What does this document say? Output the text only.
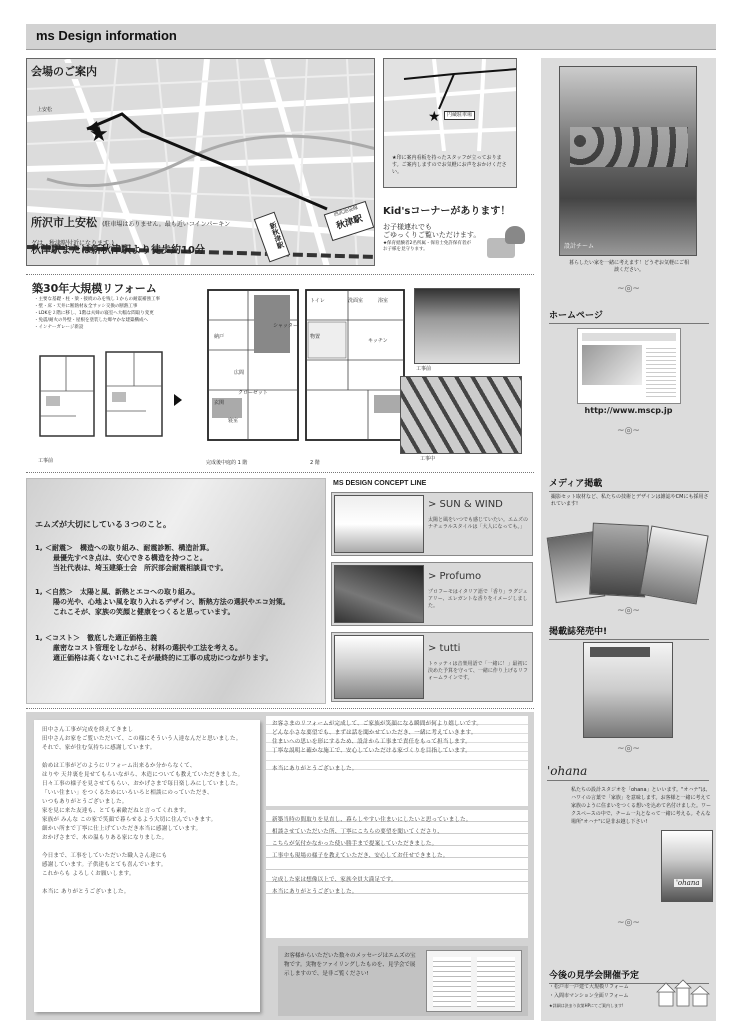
ms Design information
★
会場のご案内
上安松
所沢市上安松 (駐車場はありません。最も近いコインパーキングは、秋津駅付近になります。)
秋津駅または新秋津駅より徒歩約10分
新秋津駅
西武池袋線
秋津駅
★	円蔵駐車場
★印に案内看板を持ったスタッフが立っております。ご案内しますのでお気軽にお声をおかけください。
Kid'sコーナーがあります！
お子様連れでも
ごゆっくりご覧いただけます。
★保育経験者2名所属・保育士免許保有者がお子様を見守ります。
築30年大規模リフォーム
・主要な基礎・柱・梁・接続のみを残し１からの耐震補強工事
・壁・床・天井に断熱材＆全サッシ交換の断熱工事
・LDKを２階に移し、1階は夫婦の寝室へ大幅な間取り変更
・免震/耐火の外壁・屋根を塗装した爆ヤかな建築構成へ
・インナーガレージ新設
工事前
シャッター
トイレ	洗面室	浴室
キッチン
寝室
納戸
広間
クローゼット
玄関
物置
完成後中庭的 1 階	2 階
工事前
工事中
エムズが大切にしている３つのこと。
1, ＜耐震＞　構造への取り組み、耐震診断、構造計算。
最優先すべき点は、安心できる構造を持つこと。
当社代表は、埼玉建築士会　所沢部会耐震相談員です。
1, ＜自然＞　太陽と風、新熱とエコへの取り組み。
陽の光や、心地よい風を取り入れるデザイン、断熱方法の選択やエコ対策。
これこそが、家族の笑顔と健康をつくると思っています。
1, ＜コスト＞　徹底した適正価格主義
厳密なコスト管理をしながら、材料の選択や工法を考える。
適正価格は高くない!これこそが最終的に工事の成功につながります。
MS DESIGN CONCEPT LINE
> SUN & WIND
太陽と風をいつでも感じていたい。エムズのナチュラルスタイルは「大人になっても。」
> Profumo
プロフーモはイタリア語で「香り」ラグジュアリー、エレガントな香りをイメージしました。
> tutti
トゥッティは音楽用語で「一緒に！」最初に決めた予算を守って、一緒に作り上げるリフォームラインです。
田中さん工事が完成を終えてきまし
田中さんお家をご覧いただいて、この様にそういう人達なんだと思いました。
それで、家が住む気持ちに感謝しています。

始めは工事がどのようにリフォーム出来るか分からなくて、
はりや 天井裏を見せてもらいながら、木造についても教えていただきました。
日々工事の様子を見させてもらい、おかげさまで毎日楽しみにしていました。
「いい住まい」をつくるためにいろいろと相談にのっていただき、
いつもありがとうございました。
家を見に来た友達も、とても素敵だねと言ってくれます。
家族が みんな この家で笑顔で暮らせるよう大切に住んでいきます。
細かい所まで丁寧に仕上げていただき本当に感謝しています。
おかげさまで、木の温もりある家になりました。

今日まで、工事をしていただいた職人さん達にも
感謝しています。子供達もとても喜んでいます。
これからも よろしくお願いします。

本当に ありがとうございました。
お客さまのリフォームが完成して、ご家族が笑顔になる瞬間が何より嬉しいです。
どんな小さな要望でも、まずは話を聞かせていただき、一緒に考えていきます。
住まいへの思いを形にするため、設計から工事まで責任をもって担当します。
丁寧な説明と確かな施工で、安心していただける家づくりを目指しています。

本当にありがとうございました。
新築当時の間取りを見直し、暮らしやすい住まいにしたいと思っていました。
相談させていただいた所、丁寧にこちらの要望を聞いてくださり、
こちらが気付かなかった使い勝手まで提案していただきました。
工事中も現場の様子を教えていただき、安心してお任せできました。

完成した家は想像以上で、家族全員大満足です。
本当にありがとうございました。
お客様からいただいた数々のメッセージはエムズの宝物です。実物をファイリングしたものを、見学会で展示しますので、是非ご覧ください!
設計チーム
暮らしたい家を一緒に考えます！どうぞお気軽にご相談ください。
~◎~
ホームページ
http://www.mscp.jp
~◎~
メディア掲載
撮影セット取材など、私たちの技術とデザインは雑誌やCMにも採用されています!
~◎~
掲載誌発売中!
~◎~
'ohana
私たちの設計スタジオを「ohana」といいます。"オハナ"は、ハワイの言葉で「家族」を意味します。お客様と一緒に考えて家族のように住まいをつくる想いを込めて名付けました。ワークスペースの中で、チーム一丸となって一緒に考える。そんな場所"オハナ"に是非お越し下さい!
'ohana
~◎~
今後の見学会開催予定
・松戸市一戸建て大規模リフォーム
・入間市マンション全面リフォーム
★詳細は決まり次第HPにてご案内します!
